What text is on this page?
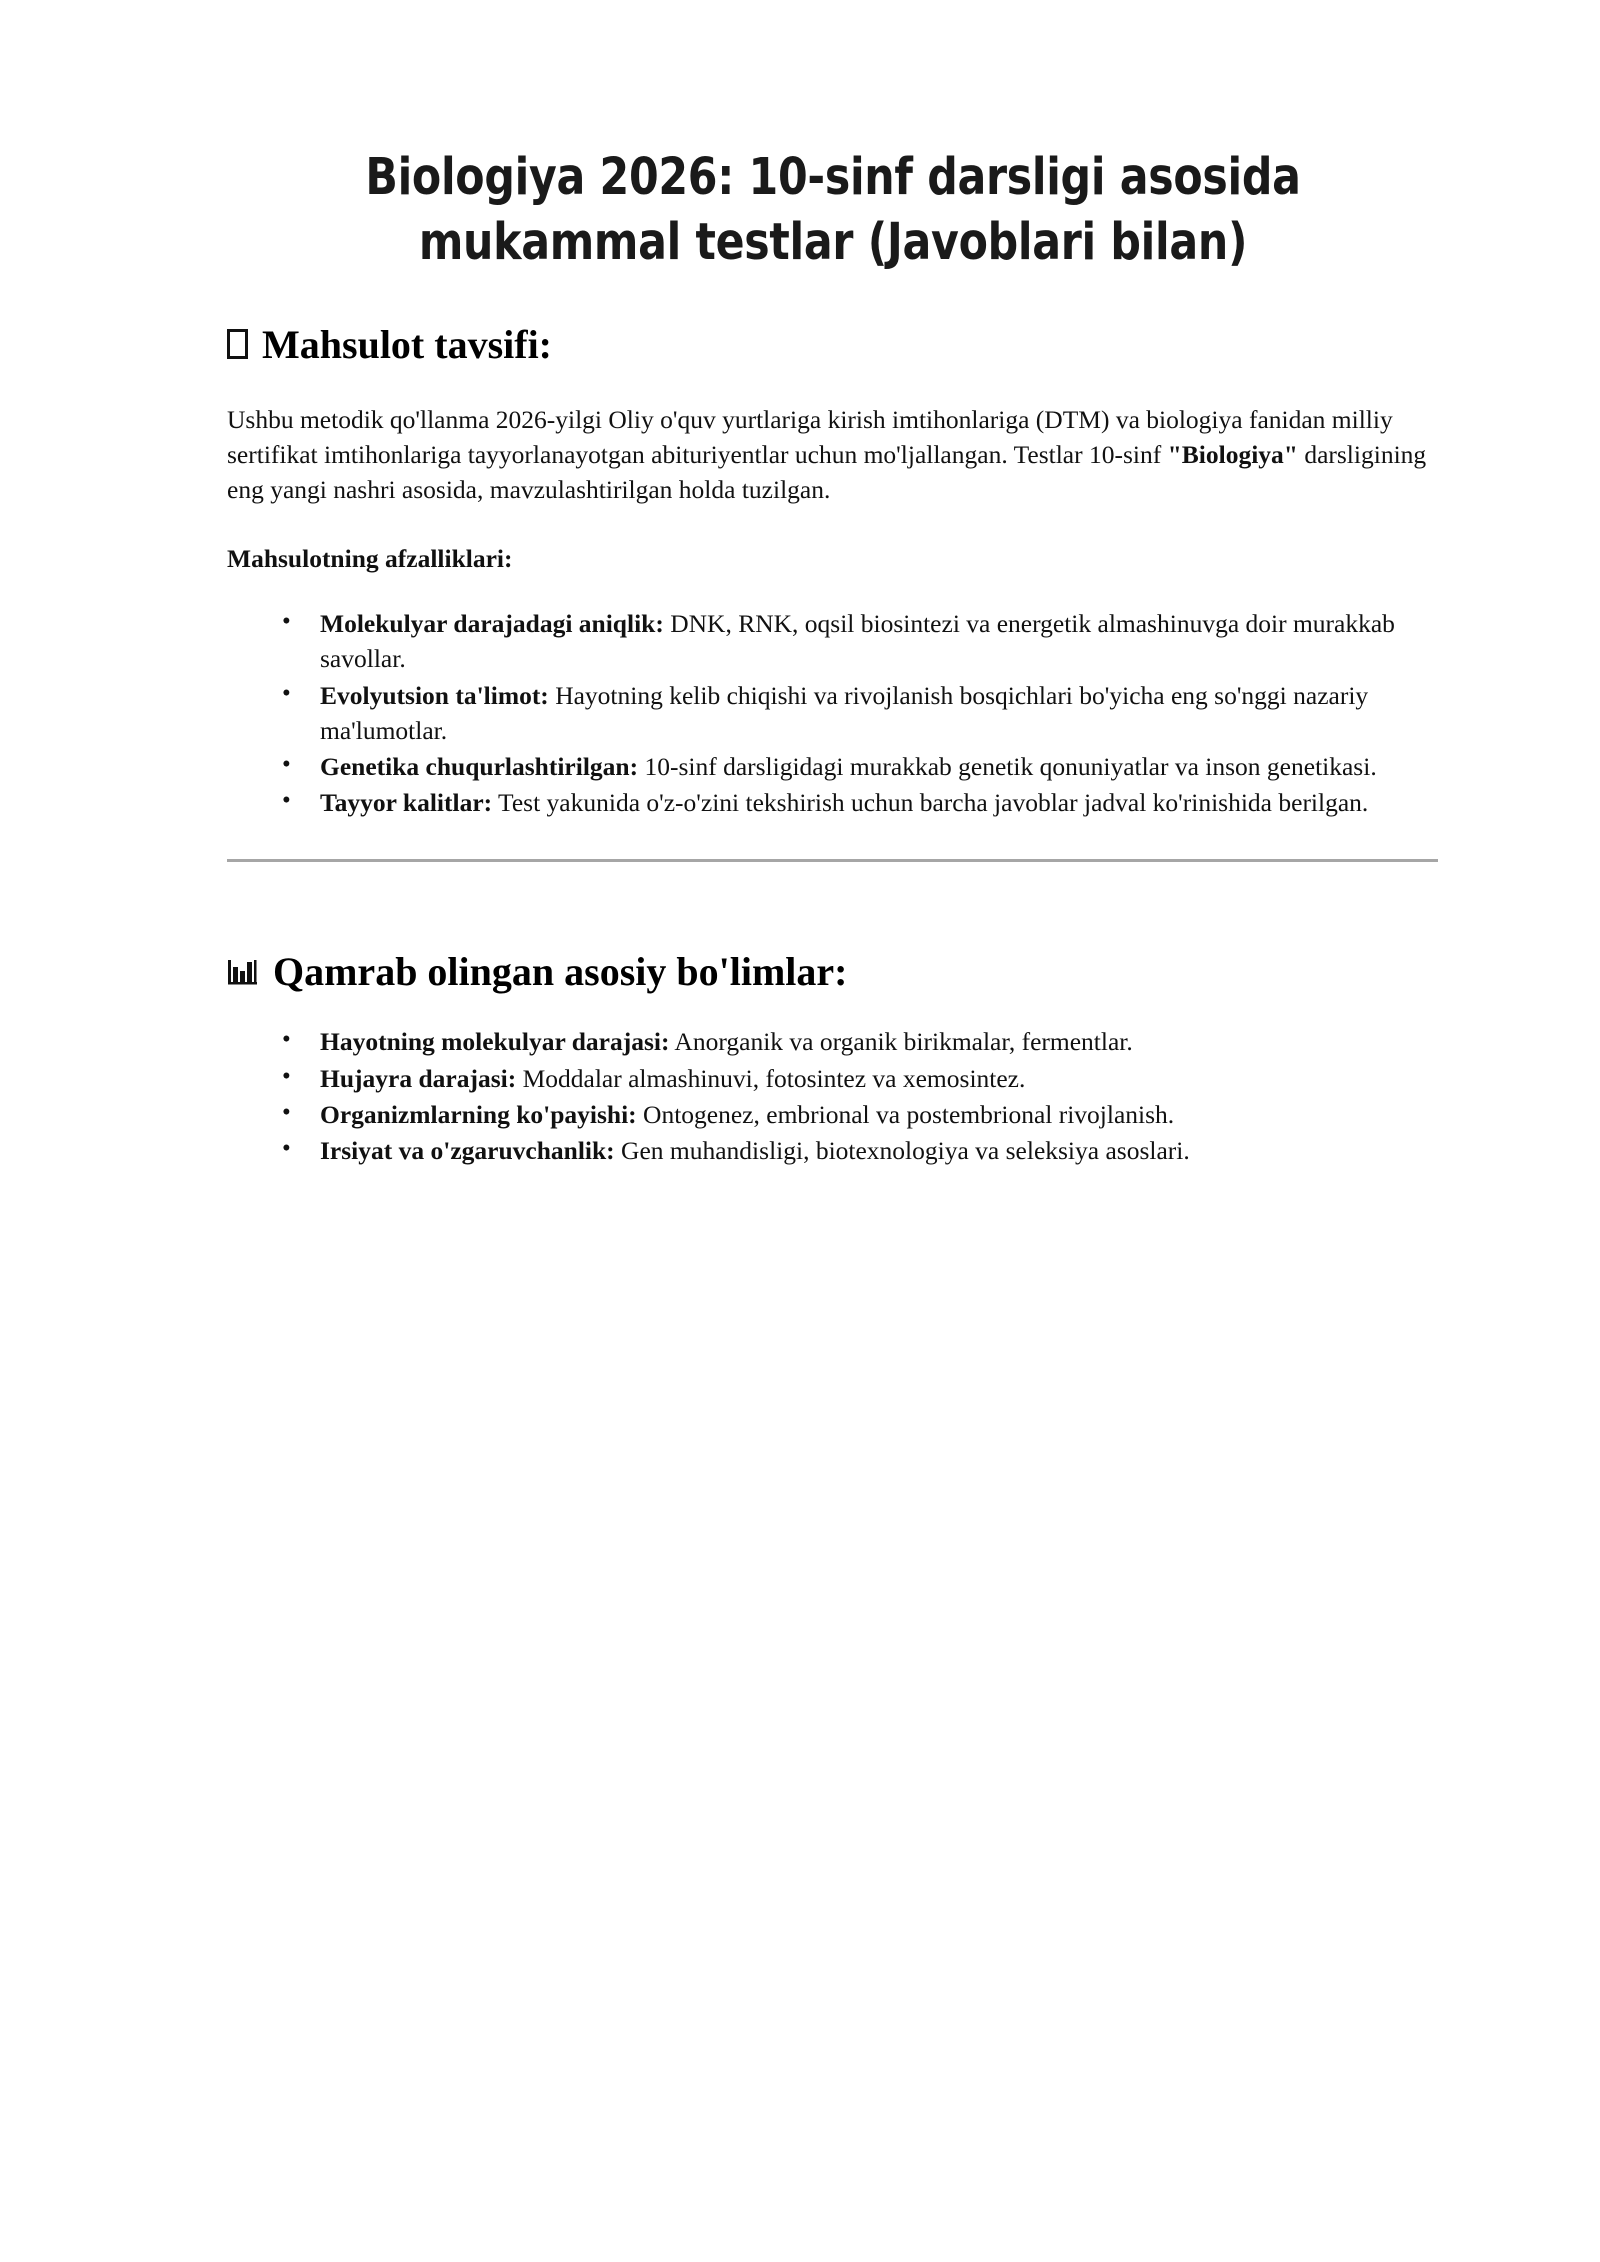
Biologiya 2026: 10-sinf darsligi asosida mukammal testlar (Javoblari bilan)
Mahsulot tavsifi:

Ushbu metodik qo'llanma 2026-yilgi Oliy o'quv yurtlariga kirish imtihonlariga (DTM) va biologiya fanidan milliy sertifikat imtihonlariga tayyorlanayotgan abituriyentlar uchun mo'ljallangan. Testlar 10-sinf "Biologiya" darsligining eng yangi nashri asosida, mavzulashtirilgan holda tuzilgan.

Mahsulotning afzalliklari:

• Molekulyar darajadagi aniqlik: DNK, RNK, oqsil biosintezi va energetik almashinuvga doir murakkab savollar.
• Evolyutsion ta'limot: Hayotning kelib chiqishi va rivojlanish bosqichlari bo'yicha eng so'nggi nazariy ma'lumotlar.
• Genetika chuqurlashtirilgan: 10-sinf darsligidagi murakkab genetik qonuniyatlar va inson genetikasi.
• Tayyor kalitlar: Test yakunida o'z-o'zini tekshirish uchun barcha javoblar jadval ko'rinishida berilgan.
Qamrab olingan asosiy bo'limlar:
• Hayotning molekulyar darajasi: Anorganik va organik birikmalar, fermentlar.
• Hujayra darajasi: Moddalar almashinuvi, fotosintez va xemosintez.
• Organizmlarning ko'payishi: Ontogenez, embrional va postembrional rivojlanish.
• Irsiyat va o'zgaruvchanlik: Gen muhandisligi, biotexnologiya va seleksiya asoslari.
